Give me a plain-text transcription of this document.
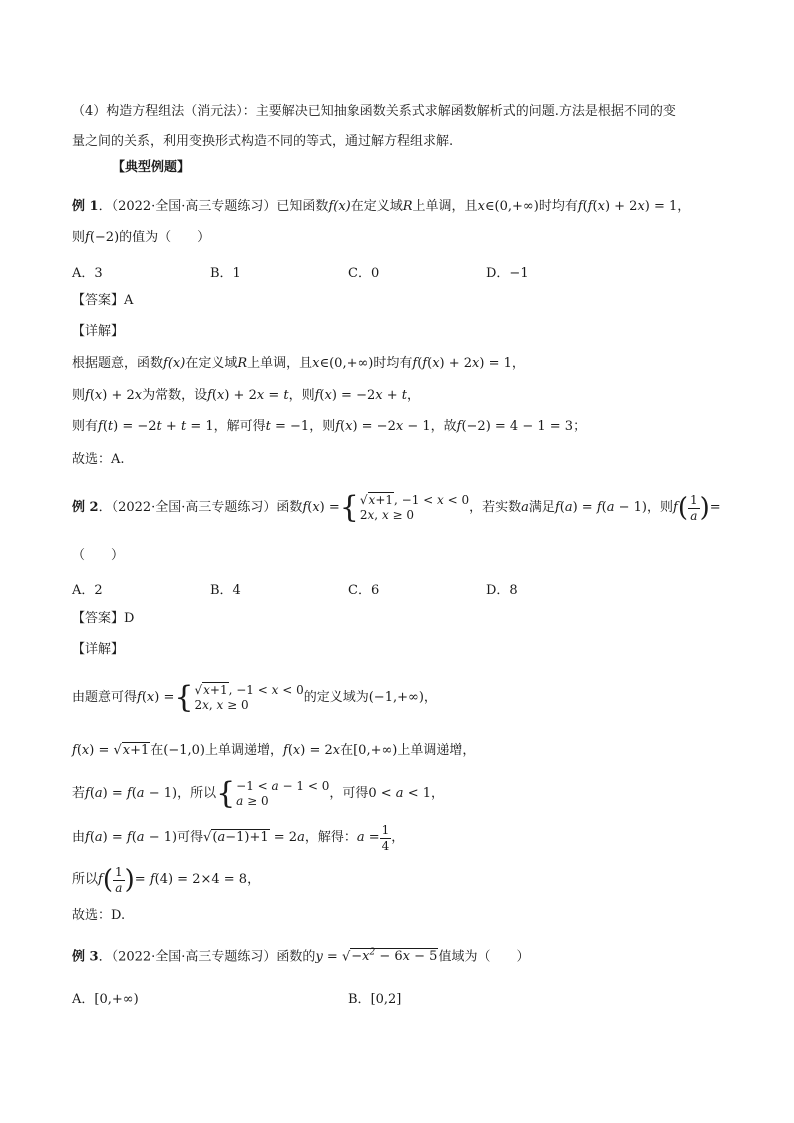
（4）构造方程组法（消元法）：主要解决已知抽象函数关系式求解函数解析式的问题.方法是根据不同的变
量之间的关系，利用变换形式构造不同的等式，通过解方程组求解.
【典型例题】
例 1．（2022·全国·高三专题练习）已知函数f(x)在定义域R上单调，且x∈(0,+∞)时均有f(f(x) + 2x) = 1，
则f(−2)的值为（　　）
A．3	B．1	C．0	D．−1
【答案】A
【详解】
根据题意，函数f(x)在定义域R上单调，且x∈(0,+∞)时均有f(f(x) + 2x) = 1，
则f(x) + 2x为常数，设f(x) + 2x = t，则f(x) = −2x + t，
则有f(t) = −2t + t = 1，解可得t = −1，则f(x) = −2x − 1，故f(−2) = 4 − 1 = 3；
故选：A.
例 2 ．（2022·全国·高三专题练习）函数 f(x) = { √x+1, −1 < x < 0
2x, x ≥ 0	，若实数 a 满足 f(a) = f(a − 1) ，则 f ( $\frac{1}{a}$ ) =
（　　）
A．2	B．4	C．6	D．8
【答案】D
【详解】
由题意可得 f(x) = { √x+1, −1 < x < 0
2x, x ≥ 0	的定义域为 (−1,+∞) ，
f(x) = √x+1在(−1,0)上单调递增，f(x) = 2x在[0,+∞)上单调递增，
若 f(a) = f(a − 1) ，所以 { −1 < a − 1 < 0
a ≥ 0	，可得 0 < a < 1 ，
由 f(a) = f(a − 1) 可得 √(a−1)+1 = 2a ，解得： $a = \frac{1}{4}$ ，
所以 f ( $\frac{1}{a}$ ) = f(4) = 2×4 = 8 ，
故选：D.
例 3．（2022·全国·高三专题练习）函数的$y = √-x^2 - 6x - 5$值域为（　　）
A．[0,+∞)	B．[0,2]
